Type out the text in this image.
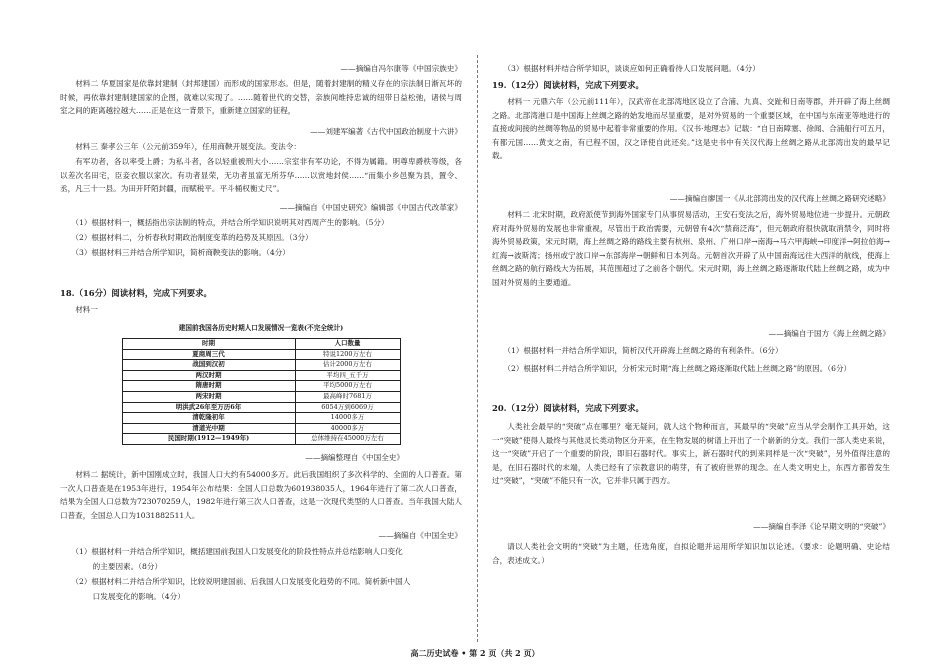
——摘编自冯尔康等《中国宗族史》

材料二 华夏国家是依靠封建制（封邦建国）而形成的国家形态。但是，随着封建制的精义存在的宗法制日渐瓦坏的时候，再依靠封建制建国家的企图，就难以实现了。……随着世代的交替，亲族间维持忠诚的纽带日益松弛，诸侯与周室之间的距离越拉越大……正是在这一背景下，重新建立国家的征程，

——刘建军编著《古代中国政治制度十六讲》

材料三 秦孝公三年（公元前359年），任用商鞅开展变法。变法令：

有军功者，各以率受上爵；为私斗者，各以轻重被刑大小……宗室非有军功论，不得为属籍。明尊卑爵秩等级，各以差次名田宅，臣妾衣服以家次。有功者显荣，无功者虽富无所芬华……以赏地封侯……“而集小乡邑聚为县，置令、丞，凡三十一县。为田开阡陌封疆，而赋税平。平斗桶权衡丈尺”。

——摘编自《中国史研究》编辑部《中国古代改革家》

（1）根据材料一，概括指出宗法制的特点，并结合所学知识说明其对西周产生的影响。（5分）

（2）根据材料二，分析春秋时期政治制度变革的趋势及其原因。（3分）

（3）根据材料三并结合所学知识，简析商鞅变法的影响。（4分）

18.（16分）阅读材料，完成下列要求。

材料一

建国前我国各历史时期人口发展情况一览表(不完全统计)

时期	人口数量
夏商周三代	特说1200万左右
战国到汉初	估计2000万左右
两汉时期	平均四_五千万
隋唐时期	平均5000万左右
两宋时期	最高峰时7681万
明洪武26年至万历6年	6054万到6069万
清乾隆初年	14000多万
清道光中期	40000多万
民国时期(1912—1949年)	总体维持在45000万左右

——摘编整理自《中国全史》

材料二 据统计，新中国刚成立时，我国人口大约有54000多万。此后我国组织了多次科学的、全面的人口普查。第一次人口普查是在1953年进行，1954年公布结果：全国人口总数为601938035人，1964年进行了第二次人口普查，结果为全国人口总数为723070259人，1982年进行第三次人口普查，这是一次现代类型的人口普查。当年我国大陆人口普查，全国总人口为1031882511人。

——摘编自《中国全史》

（1）根据材料一并结合所学知识，概括建国前我国人口发展变化的阶段性特点并总结影响人口变化

的主要因素。（8分）

（2）根据材料二并结合所学知识，比较说明建国前、后我国人口发展变化趋势的不同。简析新中国人

口发展变化的影响。（4分）

（3）根据材料并结合所学知识，谈谈应如何正确看待人口发展问题。（4分）

19.（12分）阅读材料，完成下列要求。

材料一 元鼎六年（公元前111年），汉武帝在北部湾地区设立了合浦、九真、交趾和日南等郡，并开辟了海上丝绸之路。北部湾港口是中国海上丝绸之路的始发地而尽显重要，是对外贸易的一个重要区域，在中国与东南亚等地进行的直接或间接的丝绸等物品的贸易中起着非常重要的作用。《汉书·地理志》记载：“自日南障塞、徐闻、合浦船行可五月，有都元国……黄支之南，有已程不国，汉之译使自此还矣。”这是史书中有关汉代海上丝绸之路从北部湾出发的最早记载。

——摘编自廖国一《从北部湾出发的汉代海上丝绸之路研究述略》

材料二 北宋时期，政府派使节到海外国家专门从事贸易活动，王安石变法之后，海外贸易地位进一步提升。元朝政府对海外贸易的发展也非常重视，尽管出于政治需要，元朝曾有4次“禁商泛海”，但元朝政府很快就取消禁令，同时将海外贸易政策，宋元时期，海上丝绸之路的路线主要有杭州、泉州、广州口岸→南海→马六甲海峡→印度洋→阿拉伯海→红海→波斯湾；扬州或宁波口岸→东部海岸→朝鲜和日本列岛。元朝首次开辟了从中国南海远往大西洋的航线，使海上丝绸之路的航行路线大为拓展，其范围超过了之前各个朝代。宋元时期，海上丝绸之路逐渐取代陆上丝绸之路，成为中国对外贸易的主要通道。

——摘编自于国方《海上丝绸之路》

（1）根据材料一并结合所学知识，简析汉代开辟海上丝绸之路的有利条件。（6分）

（2）根据材料二并结合所学知识，分析宋元时期“海上丝绸之路逐渐取代陆上丝绸之路”的原因。（6分）

20.（12分）阅读材料，完成下列要求。

人类社会最早的“突破”点在哪里？毫无疑问，就人这个物种而言，其最早的“突破”应当从学会制作工具开始，这一“突破”使得人最终与其他灵长类动物区分开来，在生物发展的树谱上开出了一个崭新的分支。我们一部人类史来说，这一“突破”开启了一个重要的阶段，即旧石器时代。事实上，新石器时代的到来同样是一次“突破”，另外值得注意的是，在旧石器时代的末端，人类已经有了宗教意识的萌芽，有了被府世界的现念。在人类文明史上，东西方都曾发生过“突破”，“突破”不能只有一次，它并非只属于西方。

——摘编自李泽《论早期文明的“突破”》

请以人类社会文明的“突破”为主题，任选角度，自拟论题并运用所学知识加以论述。（要求：论题明确、史论结合，表述成文。）

高二历史试卷 • 第 2 页（共 2 页）
